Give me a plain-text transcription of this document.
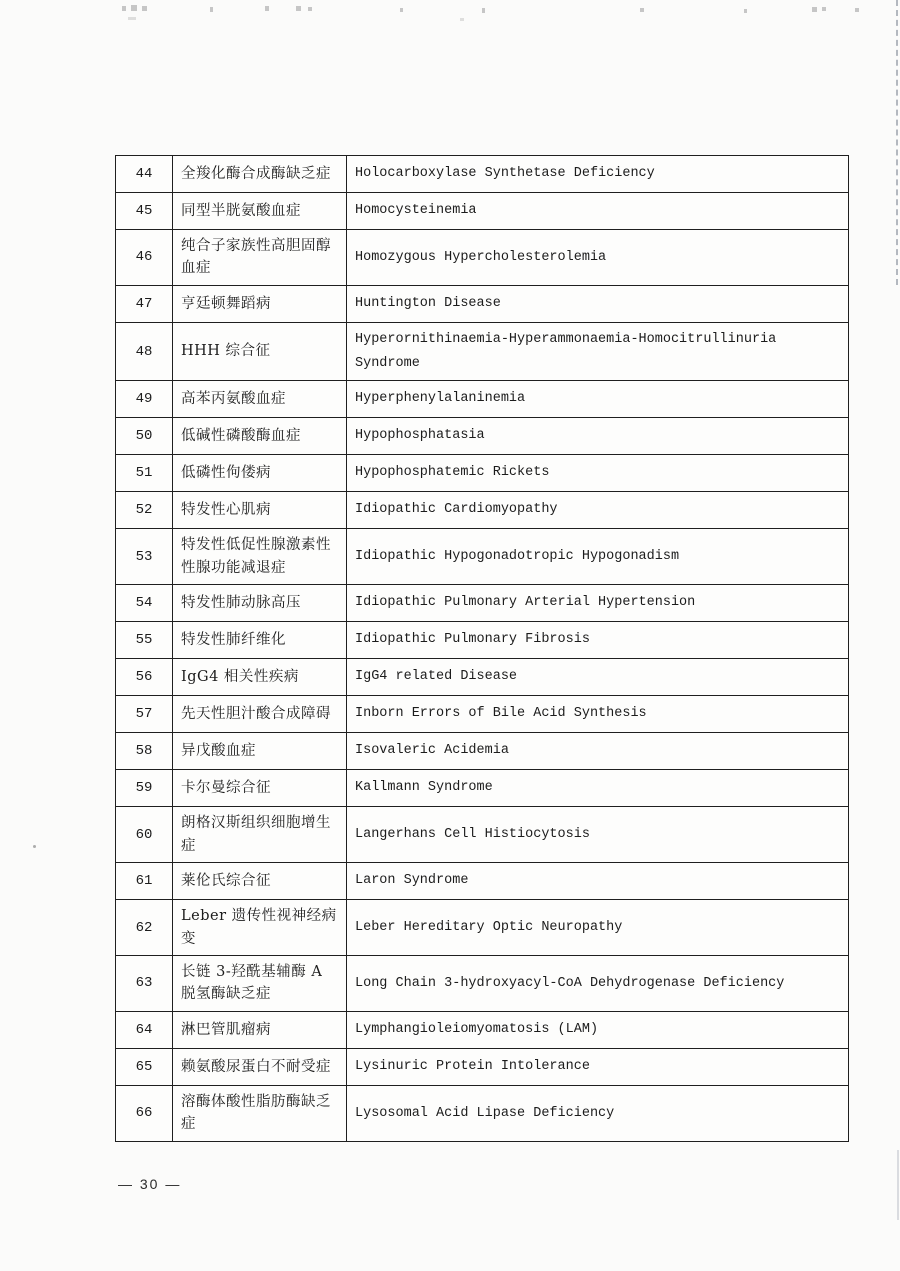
44	全羧化酶合成酶缺乏症	Holocarboxylase Synthetase Deficiency
45	同型半胱氨酸血症	Homocysteinemia
46	纯合子家族性高胆固醇血症	Homozygous Hypercholesterolemia
47	亨廷顿舞蹈病	Huntington Disease
48	HHH 综合征	Hyperornithinaemia-Hyperammonaemia-Homocitrullinuria Syndrome
49	高苯丙氨酸血症	Hyperphenylalaninemia
50	低碱性磷酸酶血症	Hypophosphatasia
51	低磷性佝偻病	Hypophosphatemic Rickets
52	特发性心肌病	Idiopathic Cardiomyopathy
53	特发性低促性腺激素性性腺功能减退症	Idiopathic Hypogonadotropic Hypogonadism
54	特发性肺动脉高压	Idiopathic Pulmonary Arterial Hypertension
55	特发性肺纤维化	Idiopathic Pulmonary Fibrosis
56	IgG4 相关性疾病	IgG4 related Disease
57	先天性胆汁酸合成障碍	Inborn Errors of Bile Acid Synthesis
58	异戊酸血症	Isovaleric Acidemia
59	卡尔曼综合征	Kallmann Syndrome
60	朗格汉斯组织细胞增生症	Langerhans Cell Histiocytosis
61	莱伦氏综合征	Laron Syndrome
62	Leber 遗传性视神经病变	Leber Hereditary Optic Neuropathy
63	长链 3-羟酰基辅酶 A 脱氢酶缺乏症	Long Chain 3-hydroxyacyl-CoA Dehydrogenase Deficiency
64	淋巴管肌瘤病	Lymphangioleiomyomatosis (LAM)
65	赖氨酸尿蛋白不耐受症	Lysinuric Protein Intolerance
66	溶酶体酸性脂肪酶缺乏症	Lysosomal Acid Lipase Deficiency
— 30 —
